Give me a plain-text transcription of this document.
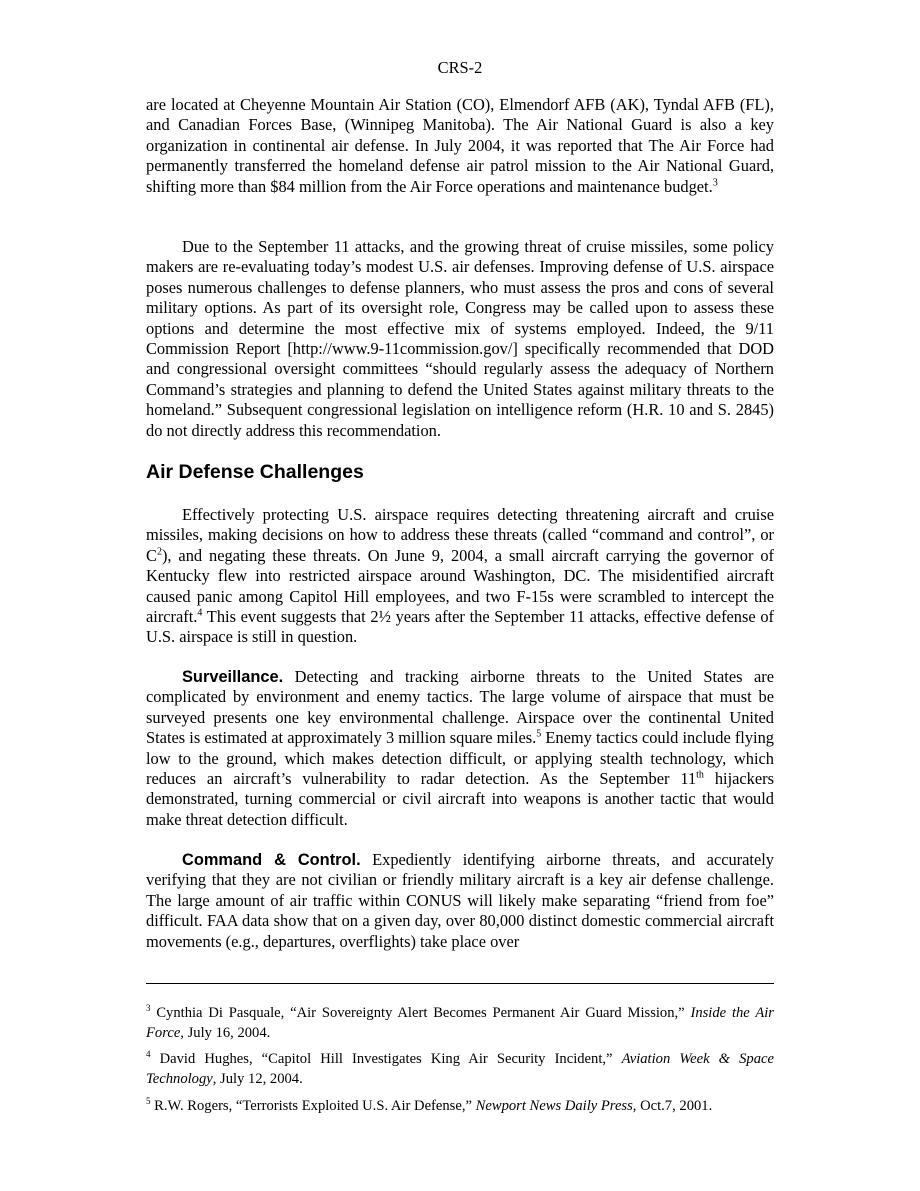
CRS-2

are located at Cheyenne Mountain Air Station (CO), Elmendorf AFB (AK), Tyndal AFB (FL), and Canadian Forces Base, (Winnipeg Manitoba). The Air National Guard is also a key organization in continental air defense. In July 2004, it was reported that The Air Force had permanently transferred the homeland defense air patrol mission to the Air National Guard, shifting more than $84 million from the Air Force operations and maintenance budget.$^3$

Due to the September 11 attacks, and the growing threat of cruise missiles, some policy makers are re-evaluating today’s modest U.S. air defenses. Improving defense of U.S. airspace poses numerous challenges to defense planners, who must assess the pros and cons of several military options. As part of its oversight role, Congress may be called upon to assess these options and determine the most effective mix of systems employed. Indeed, the 9/11 Commission Report [http://www.9-11commission.gov/] specifically recommended that DOD and congressional oversight committees “should regularly assess the adequacy of Northern Command’s strategies and planning to defend the United States against military threats to the homeland.” Subsequent congressional legislation on intelligence reform (H.R. 10 and S. 2845) do not directly address this recommendation.

Air Defense Challenges

Effectively protecting U.S. airspace requires detecting threatening aircraft and cruise missiles, making decisions on how to address these threats (called “command and control”, or $C^2$), and negating these threats. On June 9, 2004, a small aircraft carrying the governor of Kentucky flew into restricted airspace around Washington, DC. The misidentified aircraft caused panic among Capitol Hill employees, and two F-15s were scrambled to intercept the aircraft.$^4$ This event suggests that 2½ years after the September 11 attacks, effective defense of U.S. airspace is still in question.

Surveillance. Detecting and tracking airborne threats to the United States are complicated by environment and enemy tactics. The large volume of airspace that must be surveyed presents one key environmental challenge. Airspace over the continental United States is estimated at approximately 3 million square miles.$^5$ Enemy tactics could include flying low to the ground, which makes detection difficult, or applying stealth technology, which reduces an aircraft’s vulnerability to radar detection. As the September 11th hijackers demonstrated, turning commercial or civil aircraft into weapons is another tactic that would make threat detection difficult.

Command & Control. Expediently identifying airborne threats, and accurately verifying that they are not civilian or friendly military aircraft is a key air defense challenge. The large amount of air traffic within CONUS will likely make separating “friend from foe” difficult. FAA data show that on a given day, over 80,000 distinct domestic commercial aircraft movements (e.g., departures, overflights) take place over

$^3$ Cynthia Di Pasquale, “Air Sovereignty Alert Becomes Permanent Air Guard Mission,” Inside the Air Force, July 16, 2004.

$^4$ David Hughes, “Capitol Hill Investigates King Air Security Incident,” Aviation Week & Space Technology, July 12, 2004.

$^5$ R.W. Rogers, “Terrorists Exploited U.S. Air Defense,” Newport News Daily Press, Oct.7, 2001.
